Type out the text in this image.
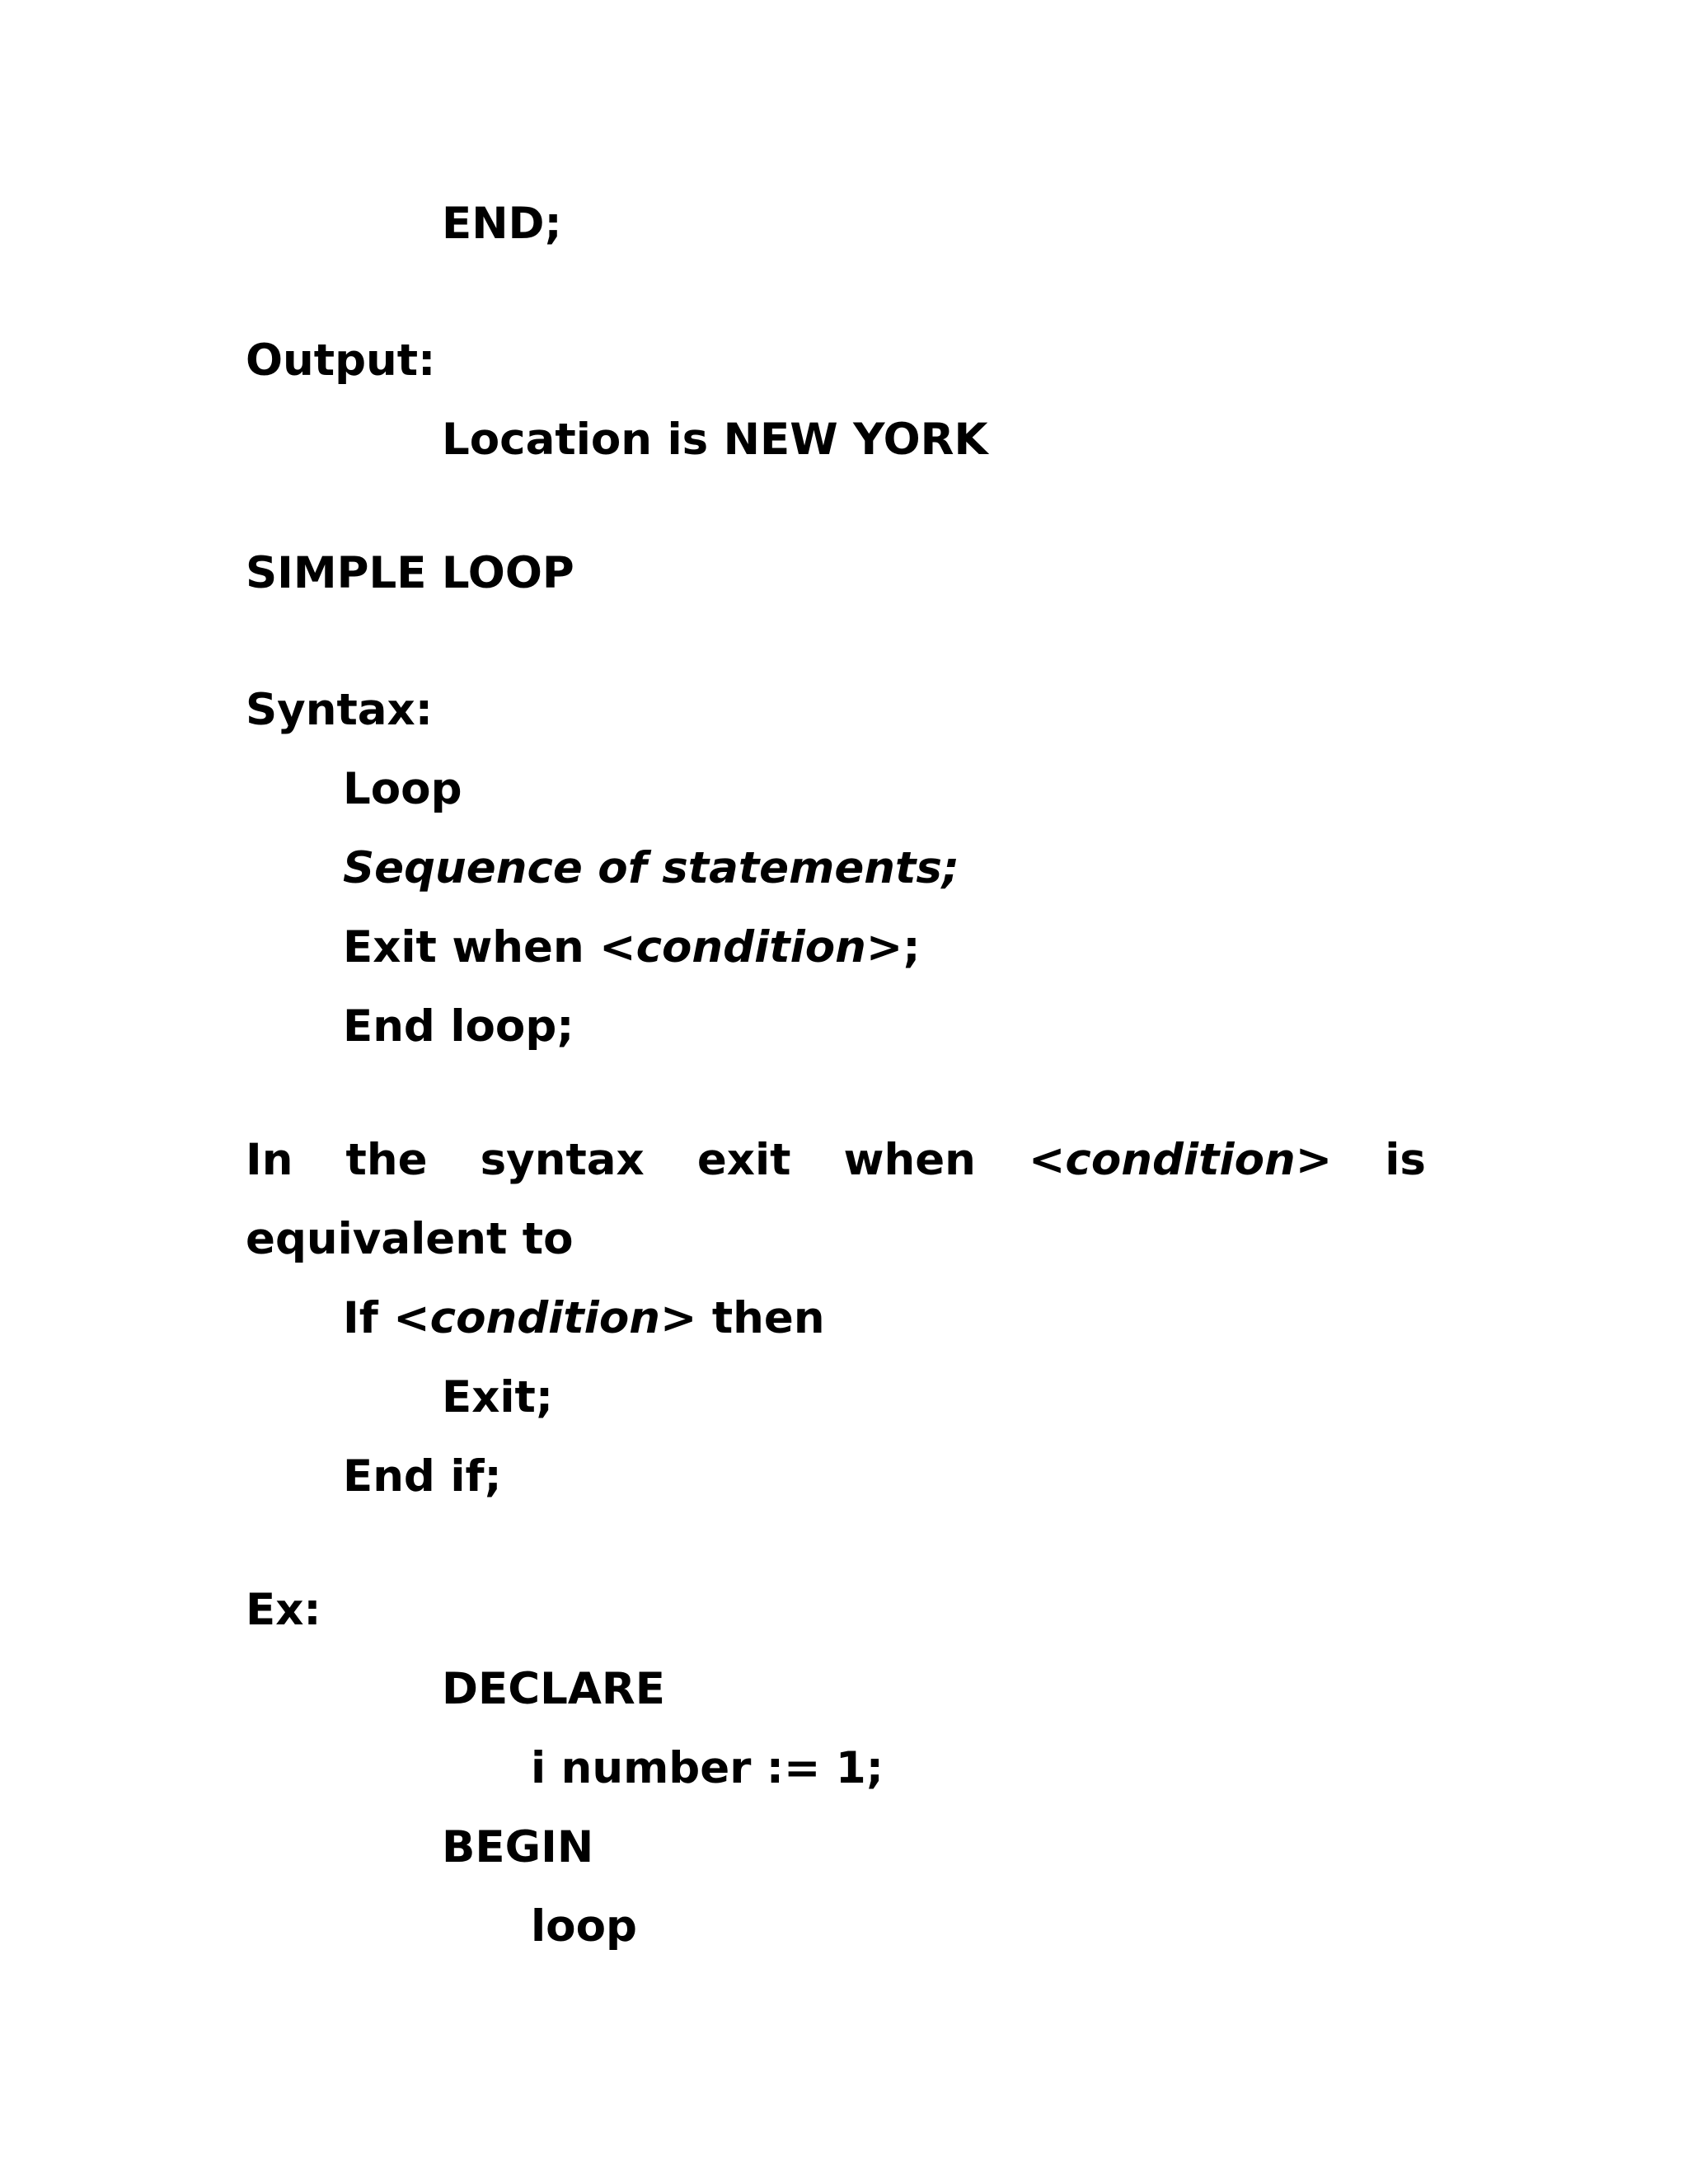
END;
Output:
Location is NEW YORK
SIMPLE LOOP
Syntax:
Loop
Sequence of statements;
Exit when <condition>;
End loop;
In the syntax exit when <condition> is
equivalent to
If <condition> then
Exit;
End if;
Ex:
DECLARE
i number := 1;
BEGIN
loop
